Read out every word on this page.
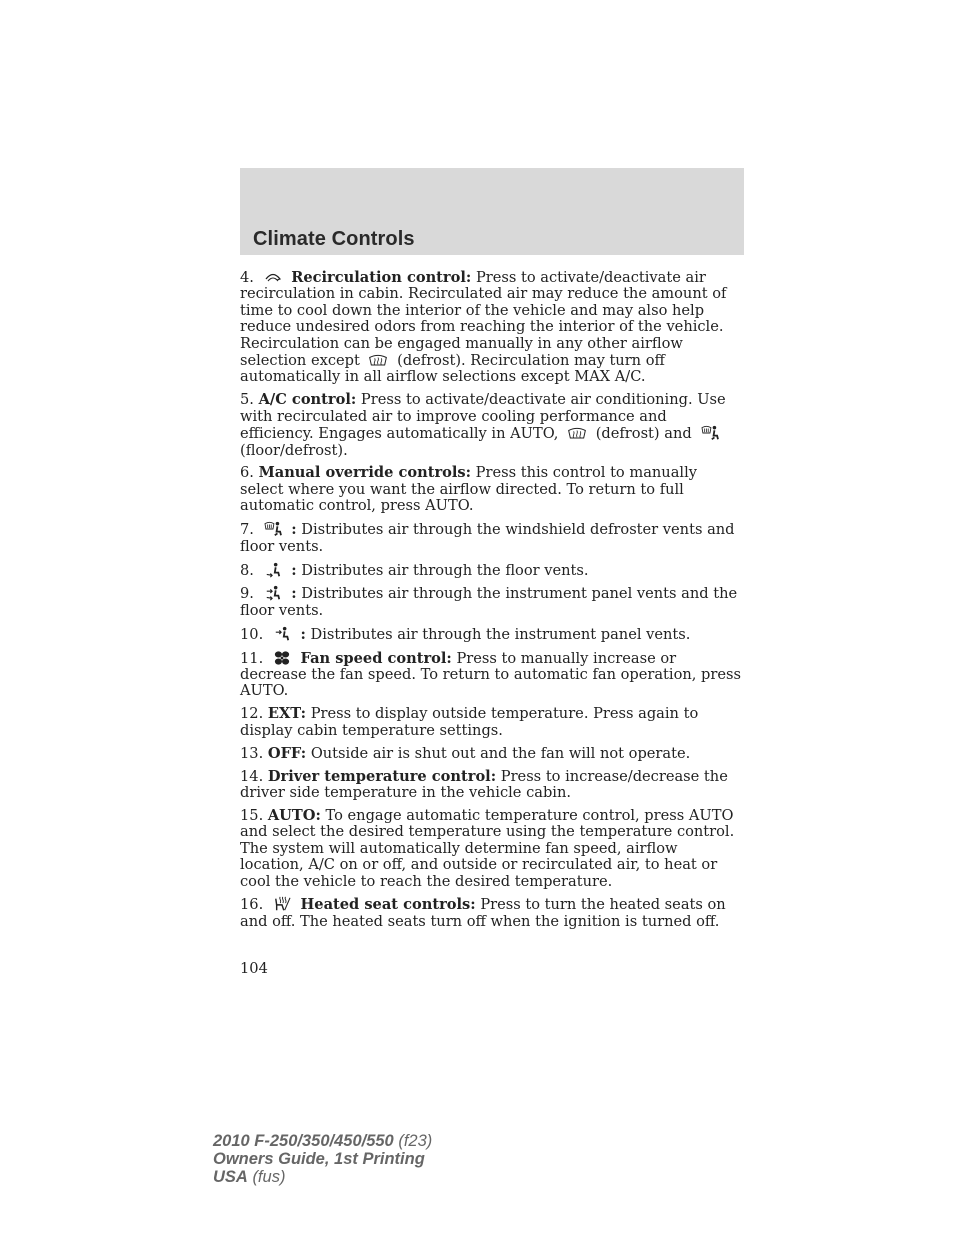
Climate Controls

4.	Recirculation control: Press to activate/deactivate air recirculation in cabin. Recirculated air may reduce the amount of time to cool down the interior of the vehicle and may also help reduce undesired odors from reaching the interior of the vehicle. Recirculation can be engaged manually in any other airflow selection except	(defrost). Recirculation may turn off automatically in all airflow selections except MAX A/C.

5. A/C control: Press to activate/deactivate air conditioning. Use with recirculated air to improve cooling performance and efficiency. Engages automatically in AUTO,	(defrost) and
(floor/defrost).

6. Manual override controls: Press this control to manually select where you want the airflow directed. To return to full automatic control, press AUTO.

7.	: Distributes air through the windshield defroster vents and floor vents.

8.	: Distributes air through the floor vents.

9.	: Distributes air through the instrument panel vents and the floor vents.

10.	: Distributes air through the instrument panel vents.

11.	Fan speed control: Press to manually increase or decrease the fan speed. To return to automatic fan operation, press AUTO.

12. EXT: Press to display outside temperature. Press again to display cabin temperature settings.

13. OFF: Outside air is shut out and the fan will not operate.

14. Driver temperature control: Press to increase/decrease the driver side temperature in the vehicle cabin.

15. AUTO: To engage automatic temperature control, press AUTO and select the desired temperature using the temperature control. The system will automatically determine fan speed, airflow location, A/C on or off, and outside or recirculated air, to heat or cool the vehicle to reach the desired temperature.

16.	Heated seat controls: Press to turn the heated seats on and off. The heated seats turn off when the ignition is turned off.

104
2010 F-250/350/450/550 (f23)
Owners Guide, 1st Printing
USA (fus)
